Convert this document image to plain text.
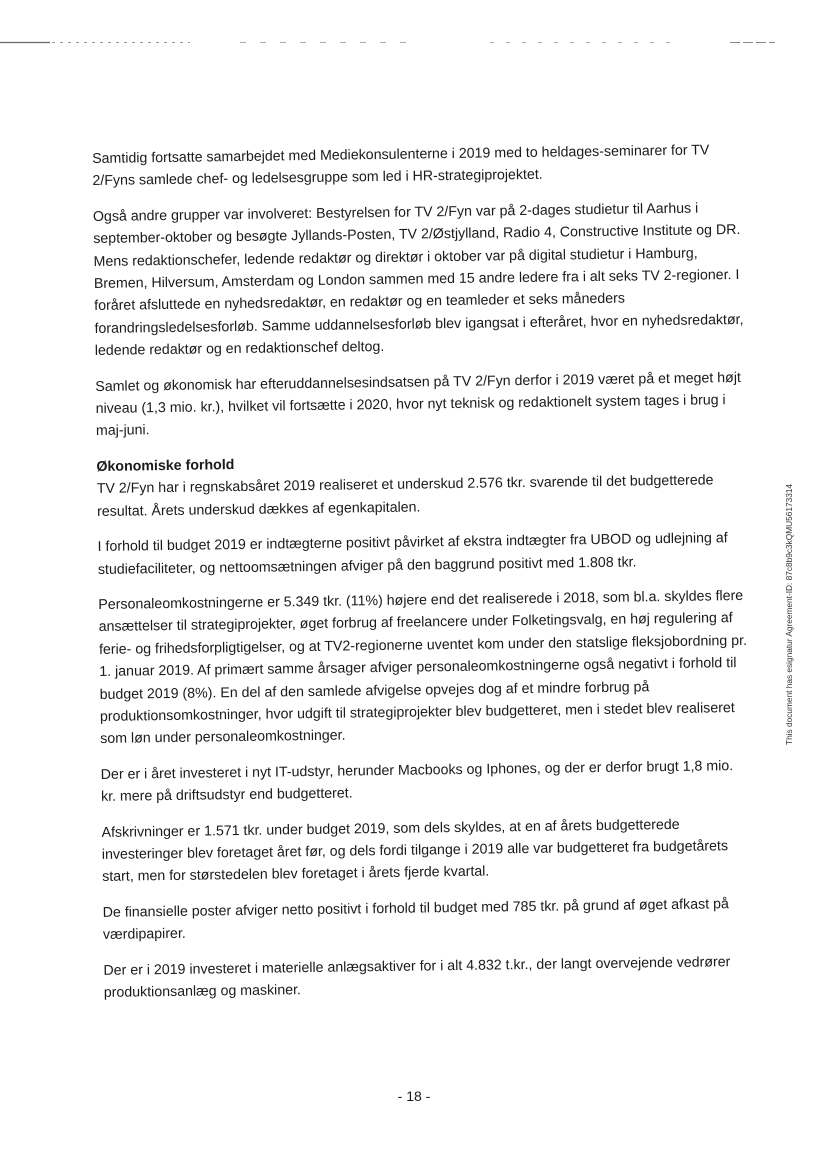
Samtidig fortsatte samarbejdet med Mediekonsulenterne i 2019 med to heldages-seminarer for TV 2/Fyns samlede chef- og ledelsesgruppe som led i HR-strategiprojektet.

Også andre grupper var involveret: Bestyrelsen for TV 2/Fyn var på 2-dages studietur til Aarhus i september-oktober og besøgte Jyllands-Posten, TV 2/Østjylland, Radio 4, Constructive Institute og DR. Mens redaktionschefer, ledende redaktør og direktør i oktober var på digital studietur i Hamburg, Bremen, Hilversum, Amsterdam og London sammen med 15 andre ledere fra i alt seks TV 2-regioner. I foråret afsluttede en nyhedsredaktør, en redaktør og en teamleder et seks måneders forandringsledelsesforløb. Samme uddannelsesforløb blev igangsat i efteråret, hvor en nyhedsredaktør, ledende redaktør og en redaktionschef deltog.

Samlet og økonomisk har efteruddannelsesindsatsen på TV 2/Fyn derfor i 2019 været på et meget højt niveau (1,3 mio. kr.), hvilket vil fortsætte i 2020, hvor nyt teknisk og redaktionelt system tages i brug i maj-juni.

Økonomiske forhold

TV 2/Fyn har i regnskabsåret 2019 realiseret et underskud 2.576 tkr. svarende til det budgetterede resultat. Årets underskud dækkes af egenkapitalen.

I forhold til budget 2019 er indtægterne positivt påvirket af ekstra indtægter fra UBOD og udlejning af studiefaciliteter, og nettoomsætningen afviger på den baggrund positivt med 1.808 tkr.

Personaleomkostningerne er 5.349 tkr. (11%) højere end det realiserede i 2018, som bl.a. skyldes flere ansættelser til strategiprojekter, øget forbrug af freelancere under Folketingsvalg, en høj regulering af ferie- og frihedsforpligtigelser, og at TV2-regionerne uventet kom under den statslige fleksjobordning pr. 1. januar 2019. Af primært samme årsager afviger personaleomkostningerne også negativt i forhold til budget 2019 (8%). En del af den samlede afvigelse opvejes dog af et mindre forbrug på produktionsomkostninger, hvor udgift til strategiprojekter blev budgetteret, men i stedet blev realiseret som løn under personaleomkostninger.

Der er i året investeret i nyt IT-udstyr, herunder Macbooks og Iphones, og der er derfor brugt 1,8 mio. kr. mere på driftsudstyr end budgetteret.

Afskrivninger er 1.571 tkr. under budget 2019, som dels skyldes, at en af årets budgetterede investeringer blev foretaget året før, og dels fordi tilgange i 2019 alle var budgetteret fra budgetårets start, men for størstedelen blev foretaget i årets fjerde kvartal.

De finansielle poster afviger netto positivt i forhold til budget med 785 tkr. på grund af øget afkast på værdipapirer.

Der er i 2019 investeret i materielle anlægsaktiver for i alt 4.832 t.kr., der langt overvejende vedrører produktionsanlæg og maskiner.

- 18 -
This document has esignatur Agreement-ID: 87c8b9c3kQMU56173314
